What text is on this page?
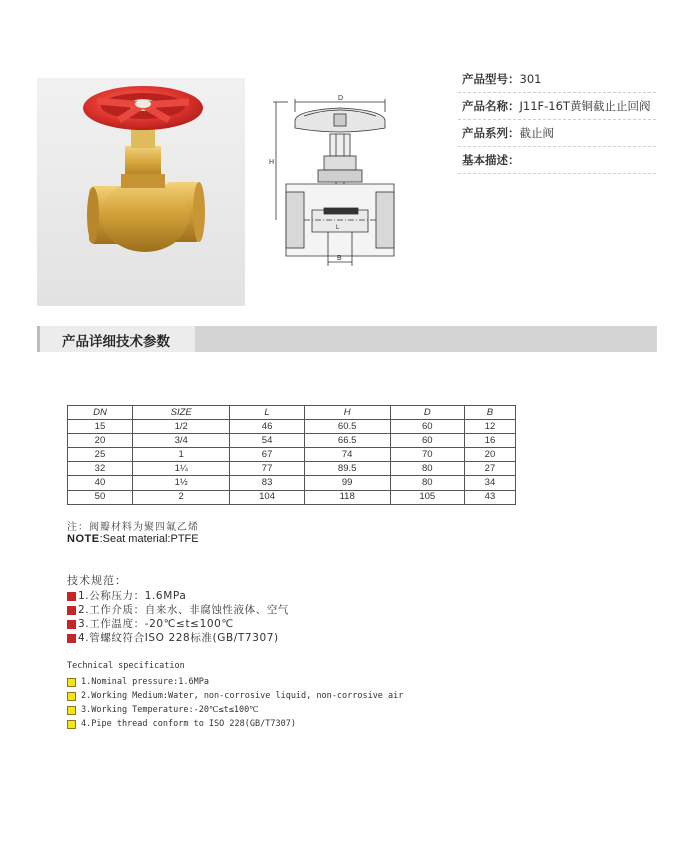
D
H
B
L
产品型号：301
产品名称：J11F-16T黄铜截止止回阀
产品系列：截止阀
基本描述：
产品详细技术参数
DN	SIZE	L	H	D	B
15	1/2	46	60.5	60	12
20	3/4	54	66.5	60	16
25	1	67	74	70	20
32	1¼	77	89.5	80	27
40	1½	83	99	80	34
50	2	104	118	105	43
注：阀瓣材料为聚四氟乙烯
NOTE:Seat material:PTFE
技术规范：
1.公称压力：1.6MPa
2.工作介质：自来水、非腐蚀性液体、空气
3.工作温度：-20℃≤t≤100℃
4.管螺纹符合ISO 228标准(GB/T7307)
Technical specification
1.Nominal pressure:1.6MPa
2.Working Medium:Water, non-corrosive liquid, non-corrosive air
3.Working Temperature:-20℃≤t≤100℃
4.Pipe thread conform to ISO 228(GB/T7307)
